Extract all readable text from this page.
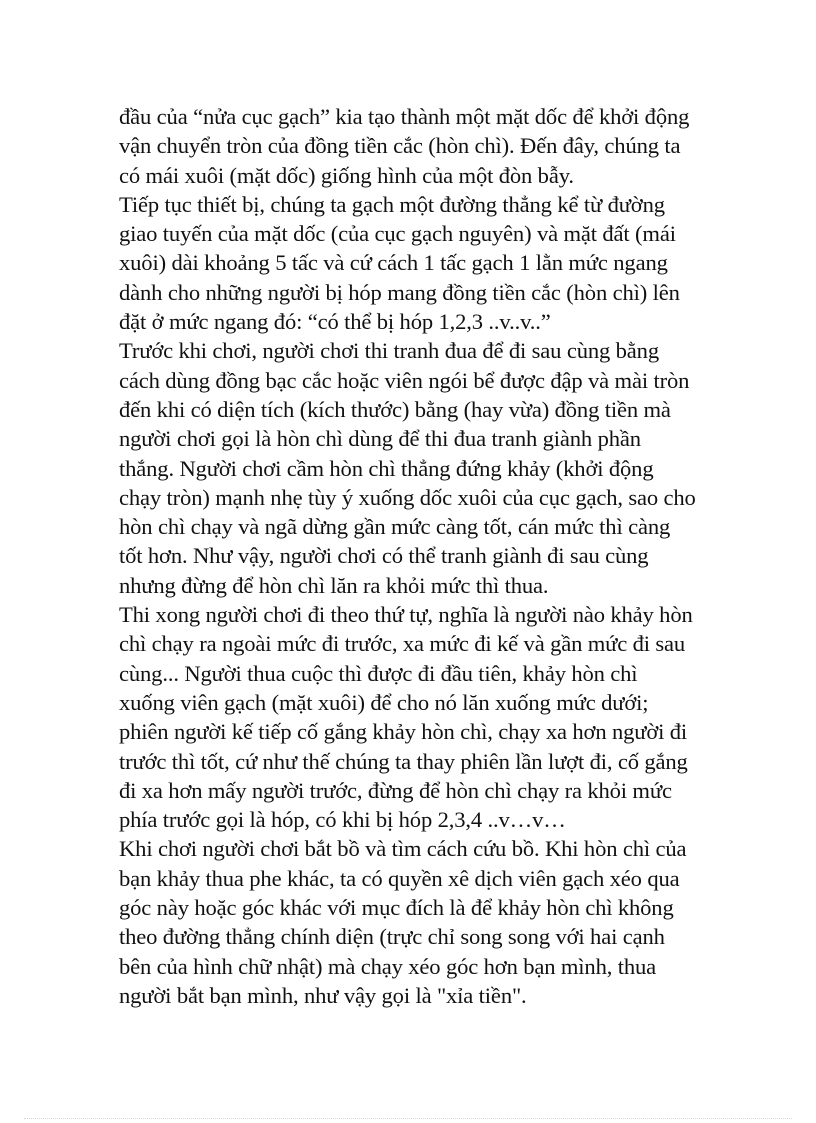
đầu của “nửa cục gạch” kia tạo thành một mặt dốc để khởi động
vận chuyển tròn của đồng tiền cắc (hòn chì). Đến đây, chúng ta
có mái xuôi (mặt dốc) giống hình của một đòn bẫy.
Tiếp tục thiết bị, chúng ta gạch một đường thẳng kể từ đường
giao tuyến của mặt dốc (của cục gạch nguyên) và mặt đất (mái
xuôi) dài khoảng 5 tấc và cứ cách 1 tấc gạch 1 lằn mức ngang
dành cho những người bị hóp mang đồng tiền cắc (hòn chì) lên
đặt ở mức ngang đó: “có thể bị hóp 1,2,3 ..v..v..”
Trước khi chơi, người chơi thi tranh đua để đi sau cùng bằng
cách dùng đồng bạc cắc hoặc viên ngói bể được đập và mài tròn
đến khi có diện tích (kích thước) bằng (hay vừa) đồng tiền mà
người chơi gọi là hòn chì dùng để thi đua tranh giành phần
thắng. Người chơi cầm hòn chì thẳng đứng khảy (khởi động
chạy tròn) mạnh nhẹ tùy ý xuống dốc xuôi của cục gạch, sao cho
hòn chì chạy và ngã dừng gần mức càng tốt, cán mức thì càng
tốt hơn. Như vậy, người chơi có thể tranh giành đi sau cùng
nhưng đừng để hòn chì lăn ra khỏi mức thì thua.
Thi xong người chơi đi theo thứ tự, nghĩa là người nào khảy hòn
chì chạy ra ngoài mức đi trước, xa mức đi kế và gần mức đi sau
cùng... Người thua cuộc thì được đi đầu tiên, khảy hòn chì
xuống viên gạch (mặt xuôi) để cho nó lăn xuống mức dưới;
phiên người kế tiếp cố gắng khảy hòn chì, chạy xa hơn người đi
trước thì tốt, cứ như thế chúng ta thay phiên lần lượt đi, cố gắng
đi xa hơn mấy người trước, đừng để hòn chì chạy ra khỏi mức
phía trước gọi là hóp, có khi bị hóp 2,3,4 ..v…v…
Khi chơi người chơi bắt bồ và tìm cách cứu bồ. Khi hòn chì của
bạn khảy thua phe khác, ta có quyền xê dịch viên gạch xéo qua
góc này hoặc góc khác với mục đích là để khảy hòn chì không
theo đường thẳng chính diện (trực chỉ song song với hai cạnh
bên của hình chữ nhật) mà chạy xéo góc hơn bạn mình, thua
người bắt bạn mình, như vậy gọi là "xỉa tiền".
